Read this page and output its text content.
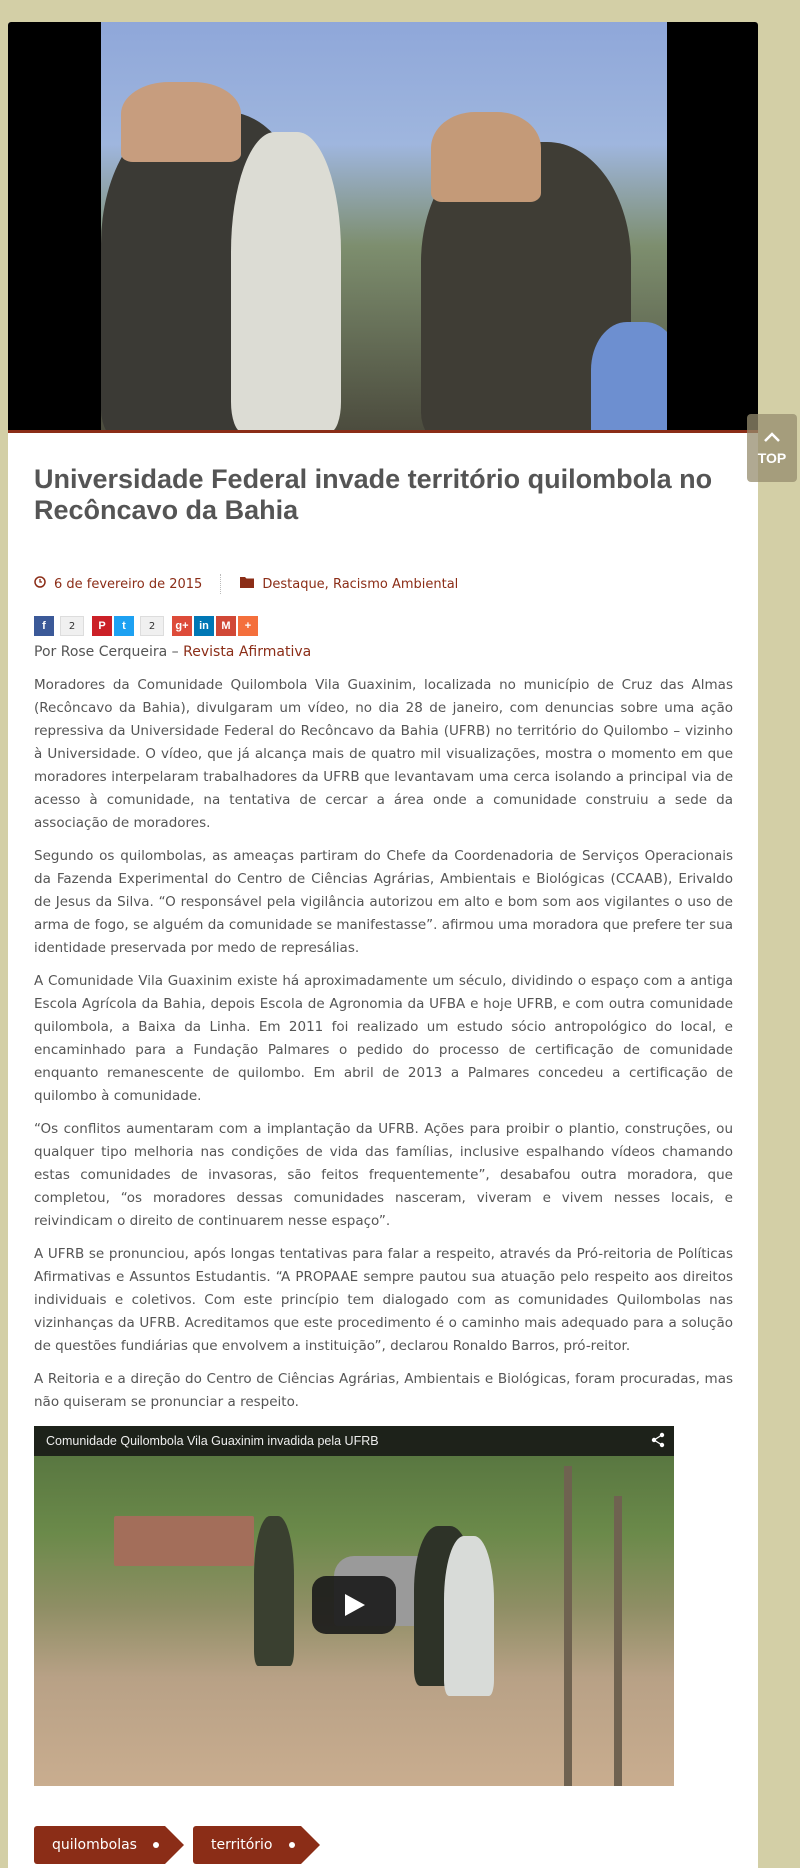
Universidade Federal invade território quilombola no Recôncavo da Bahia
6 de fevereiro de 2015	Destaque, Racismo Ambiental
f	2	P	t	2	g+ in	M	+
Por Rose Cerqueira – Revista Afirmativa

Moradores da Comunidade Quilombola Vila Guaxinim, localizada no município de Cruz das Almas (Recôncavo da Bahia), divulgaram um vídeo, no dia 28 de janeiro, com denuncias sobre uma ação repressiva da Universidade Federal do Recôncavo da Bahia (UFRB) no território do Quilombo – vizinho à Universidade. O vídeo, que já alcança mais de quatro mil visualizações, mostra o momento em que moradores interpelaram trabalhadores da UFRB que levantavam uma cerca isolando a principal via de acesso à comunidade, na tentativa de cercar a área onde a comunidade construiu a sede da associação de moradores.

Segundo os quilombolas, as ameaças partiram do Chefe da Coordenadoria de Serviços Operacionais da Fazenda Experimental do Centro de Ciências Agrárias, Ambientais e Biológicas (CCAAB), Erivaldo de Jesus da Silva. “O responsável pela vigilância autorizou em alto e bom som aos vigilantes o uso de arma de fogo, se alguém da comunidade se manifestasse”. afirmou uma moradora que prefere ter sua identidade preservada por medo de represálias.

A Comunidade Vila Guaxinim existe há aproximadamente um século, dividindo o espaço com a antiga Escola Agrícola da Bahia, depois Escola de Agronomia da UFBA e hoje UFRB, e com outra comunidade quilombola, a Baixa da Linha. Em 2011 foi realizado um estudo sócio antropológico do local, e encaminhado para a Fundação Palmares o pedido do processo de certificação de comunidade enquanto remanescente de quilombo. Em abril de 2013 a Palmares concedeu a certificação de quilombo à comunidade.

“Os conflitos aumentaram com a implantação da UFRB. Ações para proibir o plantio, construções, ou qualquer tipo melhoria nas condições de vida das famílias, inclusive espalhando vídeos chamando estas comunidades de invasoras, são feitos frequentemente”, desabafou outra moradora, que completou, “os moradores dessas comunidades nasceram, viveram e vivem nesses locais, e reivindicam o direito de continuarem nesse espaço”.

A UFRB se pronunciou, após longas tentativas para falar a respeito, através da Pró-reitoria de Políticas Afirmativas e Assuntos Estudantis. “A PROPAAE sempre pautou sua atuação pelo respeito aos direitos individuais e coletivos. Com este princípio tem dialogado com as comunidades Quilombolas nas vizinhanças da UFRB. Acreditamos que este procedimento é o caminho mais adequado para a solução de questões fundiárias que envolvem a instituição”, declarou Ronaldo Barros, pró-reitor.

A Reitoria e a direção do Centro de Ciências Agrárias, Ambientais e Biológicas, foram procuradas, mas não quiseram se pronunciar a respeito.

Comunidade Quilombola Vila Guaxinim invadida pela UFRB
quilombolas	território
TOP
